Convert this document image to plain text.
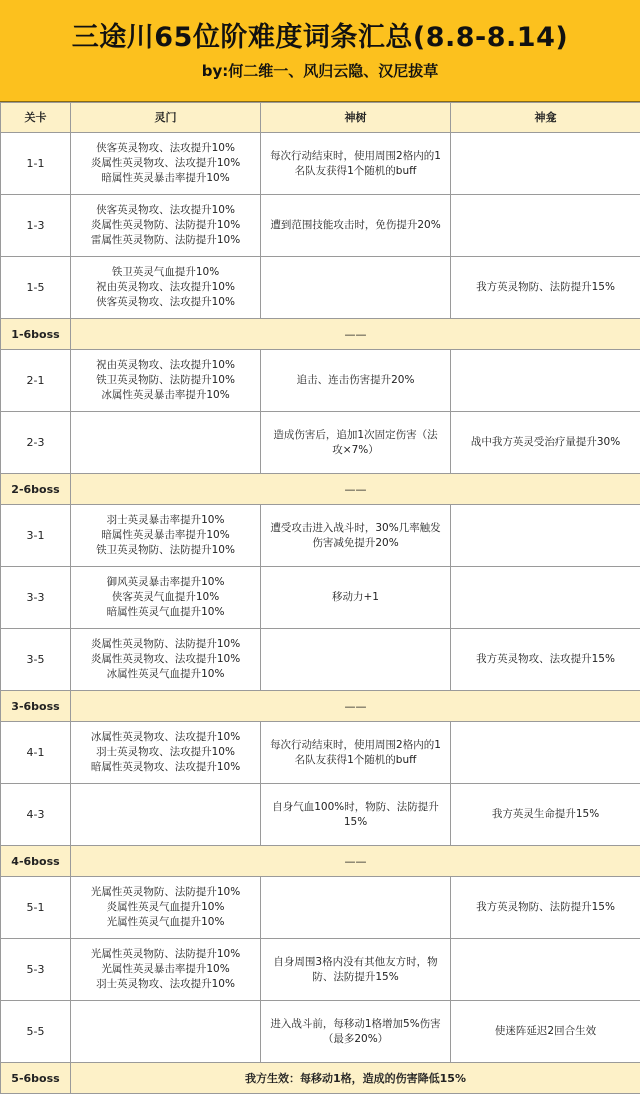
三途川65位阶难度词条汇总(8.8-8.14)
by:何二维一、风归云隐、汉尼拔草
关卡	灵门	神树	神龛
1-1	侠客英灵物攻、法攻提升10%
炎属性英灵物攻、法攻提升10%
暗属性英灵暴击率提升10%	每次行动结束时，使用周围2格内的1
名队友获得1个随机的buff	

1-3	侠客英灵物攻、法攻提升10%
炎属性英灵物防、法防提升10%
雷属性英灵物防、法防提升10%	遭到范围技能攻击时，免伤提升20%	

1-5	铁卫英灵气血提升10%
祝由英灵物攻、法攻提升10%
侠客英灵物攻、法攻提升10%		我方英灵物防、法防提升15%

1-6boss	——		
2-1	祝由英灵物攻、法攻提升10%
铁卫英灵物防、法防提升10%
冰属性英灵暴击率提升10%	追击、连击伤害提升20%	

2-3		造成伤害后，追加1次固定伤害（法
攻×7%）	战中我方英灵受治疗量提升30%

2-6boss	——		
3-1	羽士英灵暴击率提升10%
暗属性英灵暴击率提升10%
铁卫英灵物防、法防提升10%	遭受攻击进入战斗时，30%几率触发
伤害减免提升20%	

3-3	御风英灵暴击率提升10%
侠客英灵气血提升10%
暗属性英灵气血提升10%	移动力+1	

3-5	炎属性英灵物防、法防提升10%
炎属性英灵物攻、法攻提升10%
冰属性英灵气血提升10%		我方英灵物攻、法攻提升15%

3-6boss	——		
4-1	冰属性英灵物攻、法攻提升10%
羽士英灵物攻、法攻提升10%
暗属性英灵物攻、法攻提升10%	每次行动结束时，使用周围2格内的1
名队友获得1个随机的buff	

4-3		自身气血100%时，物防、法防提升
15%	我方英灵生命提升15%

4-6boss	——		
5-1	光属性英灵物防、法防提升10%
炎属性英灵气血提升10%
光属性英灵气血提升10%		我方英灵物防、法防提升15%

5-3	光属性英灵物防、法防提升10%
光属性英灵暴击率提升10%
羽士英灵物攻、法攻提升10%	自身周围3格内没有其他友方时，物
防、法防提升15%	

5-5		进入战斗前，每移动1格增加5%伤害
（最多20%）	使迷阵延迟2回合生效

5-6boss	我方生效：每移动1格，造成的伤害降低15%		
